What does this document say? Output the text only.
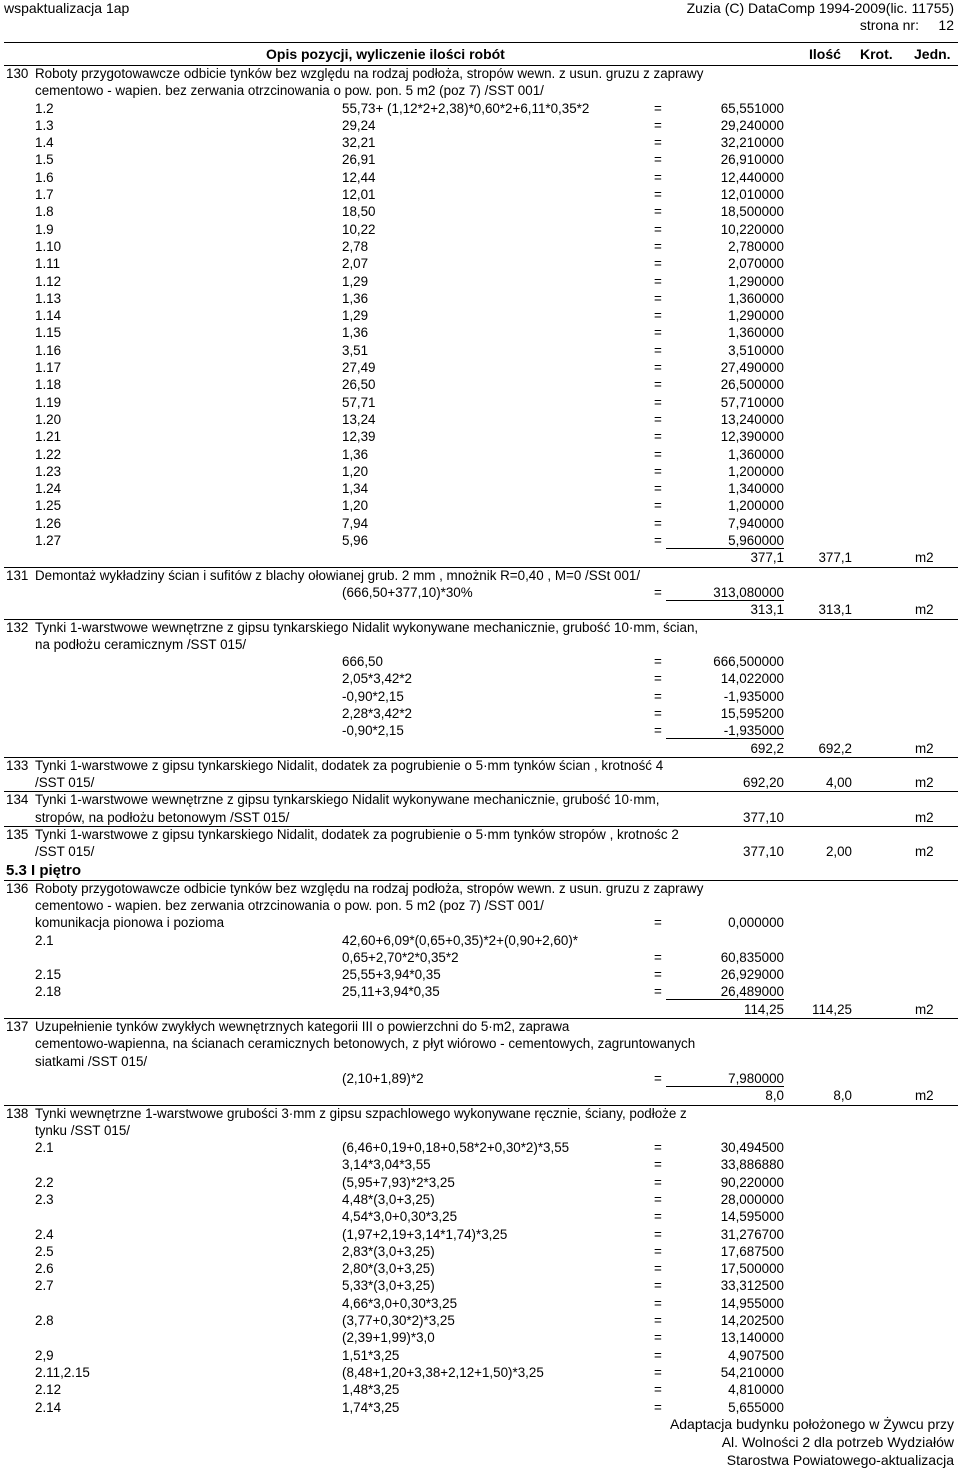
wspaktualizacja 1ap	Zuzia (C) DataComp 1994-2009(lic. 11755)
strona nr: 12
Opis pozycji, wyliczenie ilości robót	Ilość Krot. Jedn.
130 Roboty przygotowawcze odbicie tynków bez względu na rodzaj podłoża, stropów wewn. z usun. gruzu z zaprawy
cementowo - wapien. bez zerwania otrzcinowania o pow. pon. 5 m2 (poz 7) /SST 001/
1.2	55,73+ (1,12*2+2,38)*0,60*2+6,11*0,35*2	=	65,551000
1.3	29,24	=	29,240000
1.4	32,21	=	32,210000
1.5	26,91	=	26,910000
1.6	12,44	=	12,440000
1.7	12,01	=	12,010000
1.8	18,50	=	18,500000
1.9	10,22	=	10,220000
1.10	2,78	=	2,780000
1.11	2,07	=	2,070000
1.12	1,29	=	1,290000
1.13	1,36	=	1,360000
1.14	1,29	=	1,290000
1.15	1,36	=	1,360000
1.16	3,51	=	3,510000
1.17	27,49	=	27,490000
1.18	26,50	=	26,500000
1.19	57,71	=	57,710000
1.20	13,24	=	13,240000
1.21	12,39	=	12,390000
1.22	1,36	=	1,360000
1.23	1,20	=	1,200000
1.24	1,34	=	1,340000
1.25	1,20	=	1,200000
1.26	7,94	=	7,940000
1.27	5,96	=	5,960000
377,1	377,1	m2
131 Demontaż wykładziny ścian i sufitów z blachy ołowianej grub. 2 mm , mnożnik R=0,40 , M=0 /SSt 001/
(666,50+377,10)*30%	=	313,080000
313,1	313,1	m2
132 Tynki 1-warstwowe wewnętrzne z gipsu tynkarskiego Nidalit wykonywane mechanicznie, grubość 10·mm, ścian,
na podłożu ceramicznym /SST 015/
666,50	=	666,500000
2,05*3,42*2	=	14,022000
-0,90*2,15	=	-1,935000
2,28*3,42*2	=	15,595200
-0,90*2,15	=	-1,935000
692,2	692,2	m2
133 Tynki 1-warstwowe z gipsu tynkarskiego Nidalit, dodatek za pogrubienie o 5·mm tynków ścian , krotność 4
/SST 015/	692,20	4,00	m2
134 Tynki 1-warstwowe wewnętrzne z gipsu tynkarskiego Nidalit wykonywane mechanicznie, grubość 10·mm,
stropów, na podłożu betonowym /SST 015/	377,10	m2
135 Tynki 1-warstwowe z gipsu tynkarskiego Nidalit, dodatek za pogrubienie o 5·mm tynków stropów , krotnośc 2
/SST 015/	377,10	2,00	m2
5.3 I piętro
136 Roboty przygotowawcze odbicie tynków bez względu na rodzaj podłoża, stropów wewn. z usun. gruzu z zaprawy
cementowo - wapien. bez zerwania otrzcinowania o pow. pon. 5 m2 (poz 7) /SST 001/
komunikacja pionowa i pozioma	=	0,000000
2.1	42,60+6,09*(0,65+0,35)*2+(0,90+2,60)*
0,65+2,70*2*0,35*2	=	60,835000
2.15	25,55+3,94*0,35	=	26,929000
2.18	25,11+3,94*0,35	=	26,489000
114,25 114,25	m2
137 Uzupełnienie tynków zwykłych wewnętrznych kategorii III o powierzchni do 5·m2, zaprawa
cementowo-wapienna, na ścianach ceramicznych betonowych, z płyt wiórowo - cementowych, zagruntowanych
siatkami /SST 015/
(2,10+1,89)*2	=	7,980000
8,0	8,0	m2
138 Tynki wewnętrzne 1-warstwowe grubości 3·mm z gipsu szpachlowego wykonywane ręcznie, ściany, podłoże z
tynku /SST 015/
2.1	(6,46+0,19+0,18+0,58*2+0,30*2)*3,55	=	30,494500
3,14*3,04*3,55	=	33,886880
2.2	(5,95+7,93)*2*3,25	=	90,220000
2.3	4,48*(3,0+3,25)	=	28,000000
4,54*3,0+0,30*3,25	=	14,595000
2.4	(1,97+2,19+3,14*1,74)*3,25	=	31,276700
2.5	2,83*(3,0+3,25)	=	17,687500
2.6	2,80*(3,0+3,25)	=	17,500000
2.7	5,33*(3,0+3,25)	=	33,312500
4,66*3,0+0,30*3,25	=	14,955000
2.8	(3,77+0,30*2)*3,25	=	14,202500
(2,39+1,99)*3,0	=	13,140000
2,9	1,51*3,25	=	4,907500
2.11,2.15	(8,48+1,20+3,38+2,12+1,50)*3,25	=	54,210000
2.12	1,48*3,25	=	4,810000
2.14	1,74*3,25	=	5,655000
Adaptacja budynku położonego w Żywcu przy
Al. Wolności 2 dla potrzeb Wydziałów
Starostwa Powiatowego-aktualizacja
